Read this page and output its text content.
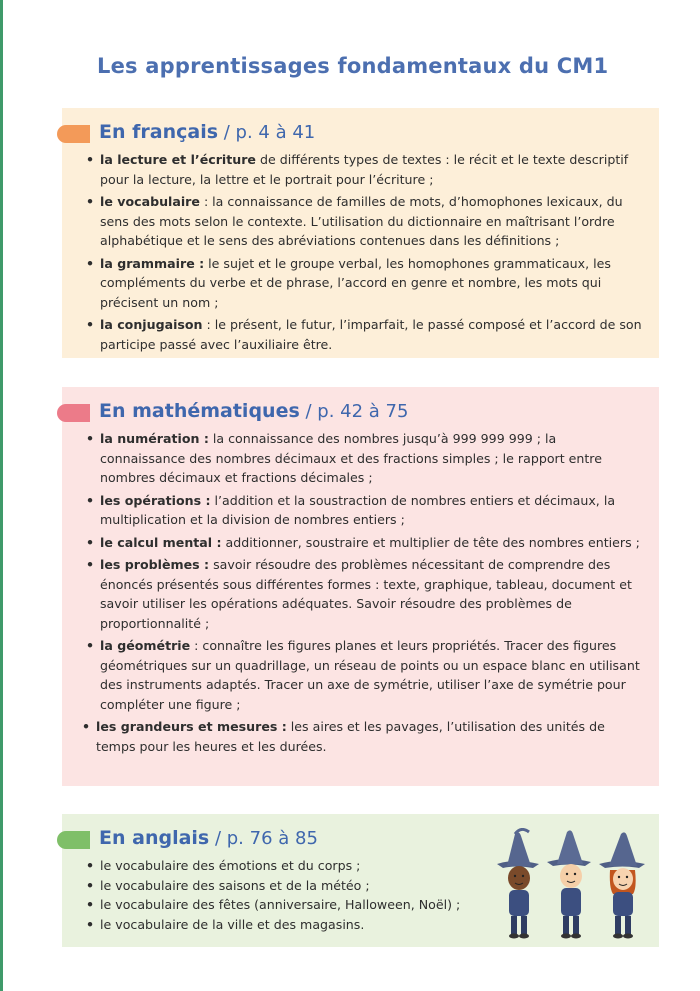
Les apprentissages fondamentaux du CM1
En français / p. 4 à 41
• la lecture et l’écriture de différents types de textes : le récit et le texte descriptif pour la lecture, la lettre et le portrait pour l’écriture ;
• le vocabulaire : la connaissance de familles de mots, d’homophones lexicaux, du sens des mots selon le contexte. L’utilisation du dictionnaire en maîtrisant l’ordre alphabétique et le sens des abréviations contenues dans les définitions ;
• la grammaire : le sujet et le groupe verbal, les homophones grammaticaux, les compléments du verbe et de phrase, l’accord en genre et nombre, les mots qui précisent un nom ;
• la conjugaison : le présent, le futur, l’imparfait, le passé composé et l’accord de son participe passé avec l’auxiliaire être.
En mathématiques / p. 42 à 75
• la numération : la connaissance des nombres jusqu’à 999 999 999 ; la connaissance des nombres décimaux et des fractions simples ; le rapport entre nombres décimaux et fractions décimales ;
• les opérations : l’addition et la soustraction de nombres entiers et décimaux, la multiplication et la division de nombres entiers ;
• le calcul mental : additionner, soustraire et multiplier de tête des nombres entiers ;
• les problèmes : savoir résoudre des problèmes nécessitant de comprendre des énoncés présentés sous différentes formes : texte, graphique, tableau, document et savoir utiliser les opérations adéquates. Savoir résoudre des problèmes de proportionnalité ;
• la géométrie : connaître les figures planes et leurs propriétés. Tracer des figures géométriques sur un quadrillage, un réseau de points ou un espace blanc en utilisant des instruments adaptés. Tracer un axe de symétrie, utiliser l’axe de symétrie pour compléter une figure ;
• les grandeurs et mesures : les aires et les pavages, l’utilisation des unités de temps pour les heures et les durées.
En anglais / p. 76 à 85
• le vocabulaire des émotions et du corps ;
• le vocabulaire des saisons et de la météo ;
• le vocabulaire des fêtes (anniversaire, Halloween, Noël) ;
• le vocabulaire de la ville et des magasins.
